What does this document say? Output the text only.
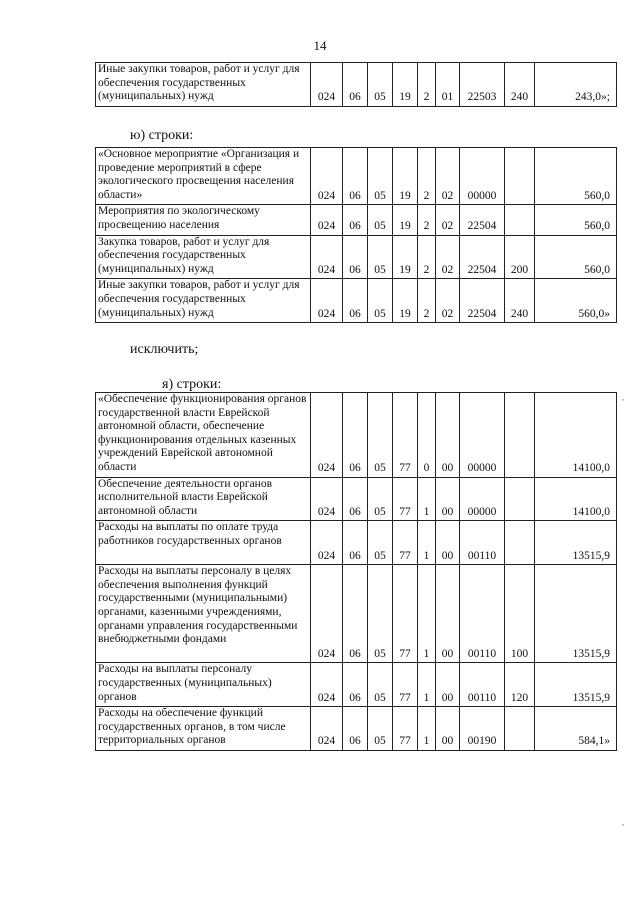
14
Иные закупки товаров, работ и услуг для обеспечения государственных (муниципальных) нужд	024	06	05	19	2	01	22503	240	243,0»;
ю) строки:
«Основное мероприятие «Организация и проведение мероприятий в сфере экологического просвещения населения области»	024	06	05	19	2	02	00000		560,0
Мероприятия по экологическому просвещению населения	024	06	05	19	2	02	22504		560,0
Закупка товаров, работ и услуг для обеспечения государственных (муниципальных) нужд	024	06	05	19	2	02	22504	200	560,0
Иные закупки товаров, работ и услуг для обеспечения государственных (муниципальных) нужд	024	06	05	19	2	02	22504	240	560,0»
исключить;
я) строки:
«Обеспечение функционирования органов государственной власти Еврейской автономной области, обеспечение функционирования отдельных казенных учреждений Еврейской автономной области	024	06	05	77	0	00	00000		14100,0
Обеспечение деятельности органов исполнительной власти Еврейской автономной области	024	06	05	77	1	00	00000		14100,0
Расходы на выплаты по оплате труда работников государственных органов	024	06	05	77	1	00	00110		13515,9
Расходы на выплаты персоналу в целях обеспечения выполнения функций государственными (муниципальными) органами, казенными учреждениями, органами управления государственными внебюджетными фондами	024	06	05	77	1	00	00110	100	13515,9
Расходы на выплаты персоналу государственных (муниципальных) органов	024	06	05	77	1	00	00110	120	13515,9
Расходы на обеспечение функций государственных органов, в том числе территориальных органов	024	06	05	77	1	00	00190		584,1»
·
·
